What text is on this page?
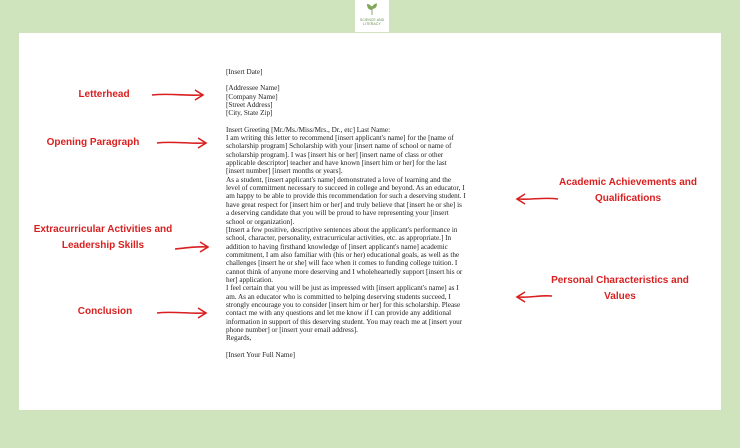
SCIENCE AND
LITERACY
Letterhead
Opening Paragraph
Extracurricular Activities and
Leadership Skills
Conclusion
Academic Achievements and
Qualifications
Personal Characteristics and
Values
[Insert Date]
[Addressee Name]
[Company Name]
[Street Address]
[City, State Zip]
Insert Greeting [Mr./Ms./Miss/Mrs., Dr., etc] Last Name:
I am writing this letter to recommend [insert applicant's name] for the [name of
scholarship program] Scholarship with your [insert name of school or name of
scholarship program]. I was [insert his or her] [insert name of class or other
applicable descriptor] teacher and have known [insert him or her] for the last
[insert number] [insert months or years].
As a student, [insert applicant's name] demonstrated a love of learning and the
level of commitment necessary to succeed in college and beyond. As an educator, I
am happy to be able to provide this recommendation for such a deserving student. I
have great respect for [insert him or her] and truly believe that [insert he or she] is
a deserving candidate that you will be proud to have representing your [insert
school or organization].
[Insert a few positive, descriptive sentences about the applicant's performance in
school, character, personality, extracurricular activities, etc. as appropriate.] In
addition to having firsthand knowledge of [insert applicant's name] academic
commitment, I am also familiar with (his or her) educational goals, as well as the
challenges [insert he or she] will face when it comes to funding college tuition. I
cannot think of anyone more deserving and I wholeheartedly support [insert his or
her] application.
I feel certain that you will be just as impressed with [insert applicant's name] as I
am. As an educator who is committed to helping deserving students succeed, I
strongly encourage you to consider [insert him or her] for this scholarship. Please
contact me with any questions and let me know if I can provide any additional
information in support of this deserving student. You may reach me at [insert your
phone number] or [insert your email address].
Regards,
[Insert Your Full Name]
